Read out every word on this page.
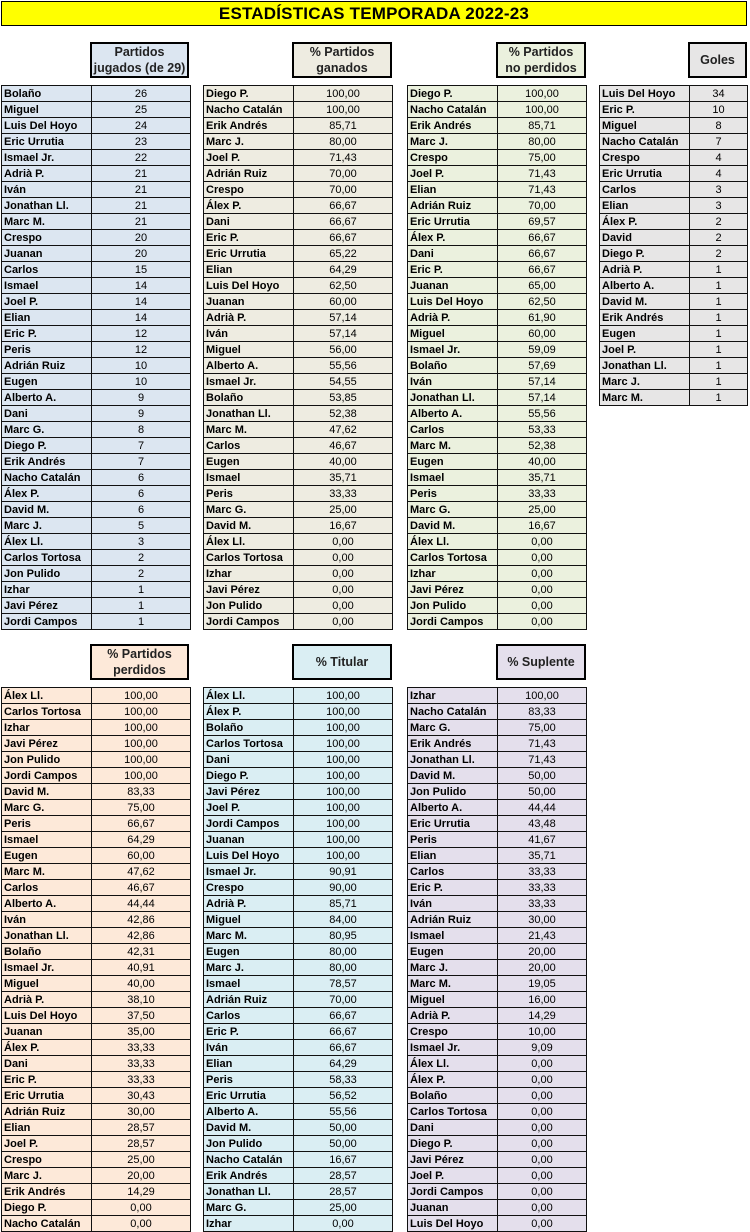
ESTADÍSTICAS TEMPORADA 2022-23
Partidos
jugados (de 29)
% Partidos
ganados
% Partidos
no perdidos
Goles
% Partidos
perdidos
% Titular	% Suplente
Bolaño	26
Miguel	25
Luis Del Hoyo	24
Eric Urrutia	23
Ismael Jr.	22
Adrià P.	21
Iván	21
Jonathan Ll.	21
Marc M.	21
Crespo	20
Juanan	20
Carlos	15
Ismael	14
Joel P.	14
Elian	14
Eric P.	12
Peris	12
Adrián Ruiz	10
Eugen	10
Alberto A.	9
Dani	9
Marc G.	8
Diego P.	7
Erik Andrés	7
Nacho Catalán	6
Álex P.	6
David M.	6
Marc J.	5
Álex Ll.	3
Carlos Tortosa	2
Jon Pulido	2
Izhar	1
Javi Pérez	1
Jordi Campos	1
Diego P.	100,00
Nacho Catalán	100,00
Erik Andrés	85,71
Marc J.	80,00
Joel P.	71,43
Adrián Ruiz	70,00
Crespo	70,00
Álex P.	66,67
Dani	66,67
Eric P.	66,67
Eric Urrutia	65,22
Elian	64,29
Luis Del Hoyo	62,50
Juanan	60,00
Adrià P.	57,14
Iván	57,14
Miguel	56,00
Alberto A.	55,56
Ismael Jr.	54,55
Bolaño	53,85
Jonathan Ll.	52,38
Marc M.	47,62
Carlos	46,67
Eugen	40,00
Ismael	35,71
Peris	33,33
Marc G.	25,00
David M.	16,67
Álex Ll.	0,00
Carlos Tortosa	0,00
Izhar	0,00
Javi Pérez	0,00
Jon Pulido	0,00
Jordi Campos	0,00
Diego P.	100,00
Nacho Catalán	100,00
Erik Andrés	85,71
Marc J.	80,00
Crespo	75,00
Joel P.	71,43
Elian	71,43
Adrián Ruiz	70,00
Eric Urrutia	69,57
Álex P.	66,67
Dani	66,67
Eric P.	66,67
Juanan	65,00
Luis Del Hoyo	62,50
Adrià P.	61,90
Miguel	60,00
Ismael Jr.	59,09
Bolaño	57,69
Iván	57,14
Jonathan Ll.	57,14
Alberto A.	55,56
Carlos	53,33
Marc M.	52,38
Eugen	40,00
Ismael	35,71
Peris	33,33
Marc G.	25,00
David M.	16,67
Álex Ll.	0,00
Carlos Tortosa	0,00
Izhar	0,00
Javi Pérez	0,00
Jon Pulido	0,00
Jordi Campos	0,00
Luis Del Hoyo	34
Eric P.	10
Miguel	8
Nacho Catalán	7
Crespo	4
Eric Urrutia	4
Carlos	3
Elian	3
Álex P.	2
David	2
Diego P.	2
Adrià P.	1
Alberto A.	1
David M.	1
Erik Andrés	1
Eugen	1
Joel P.	1
Jonathan Ll.	1
Marc J.	1
Marc M.	1
Álex Ll.	100,00
Carlos Tortosa	100,00
Izhar	100,00
Javi Pérez	100,00
Jon Pulido	100,00
Jordi Campos	100,00
David M.	83,33
Marc G.	75,00
Peris	66,67
Ismael	64,29
Eugen	60,00
Marc M.	47,62
Carlos	46,67
Alberto A.	44,44
Iván	42,86
Jonathan Ll.	42,86
Bolaño	42,31
Ismael Jr.	40,91
Miguel	40,00
Adrià P.	38,10
Luis Del Hoyo	37,50
Juanan	35,00
Álex P.	33,33
Dani	33,33
Eric P.	33,33
Eric Urrutia	30,43
Adrián Ruiz	30,00
Elian	28,57
Joel P.	28,57
Crespo	25,00
Marc J.	20,00
Erik Andrés	14,29
Diego P.	0,00
Nacho Catalán	0,00
Álex Ll.	100,00
Álex P.	100,00
Bolaño	100,00
Carlos Tortosa	100,00
Dani	100,00
Diego P.	100,00
Javi Pérez	100,00
Joel P.	100,00
Jordi Campos	100,00
Juanan	100,00
Luis Del Hoyo	100,00
Ismael Jr.	90,91
Crespo	90,00
Adrià P.	85,71
Miguel	84,00
Marc M.	80,95
Eugen	80,00
Marc J.	80,00
Ismael	78,57
Adrián Ruiz	70,00
Carlos	66,67
Eric P.	66,67
Iván	66,67
Elian	64,29
Peris	58,33
Eric Urrutia	56,52
Alberto A.	55,56
David M.	50,00
Jon Pulido	50,00
Nacho Catalán	16,67
Erik Andrés	28,57
Jonathan Ll.	28,57
Marc G.	25,00
Izhar	0,00
Izhar	100,00
Nacho Catalán	83,33
Marc G.	75,00
Erik Andrés	71,43
Jonathan Ll.	71,43
David M.	50,00
Jon Pulido	50,00
Alberto A.	44,44
Eric Urrutia	43,48
Peris	41,67
Elian	35,71
Carlos	33,33
Eric P.	33,33
Iván	33,33
Adrián Ruiz	30,00
Ismael	21,43
Eugen	20,00
Marc J.	20,00
Marc M.	19,05
Miguel	16,00
Adrià P.	14,29
Crespo	10,00
Ismael Jr.	9,09
Álex Ll.	0,00
Álex P.	0,00
Bolaño	0,00
Carlos Tortosa	0,00
Dani	0,00
Diego P.	0,00
Javi Pérez	0,00
Joel P.	0,00
Jordi Campos	0,00
Juanan	0,00
Luis Del Hoyo	0,00
